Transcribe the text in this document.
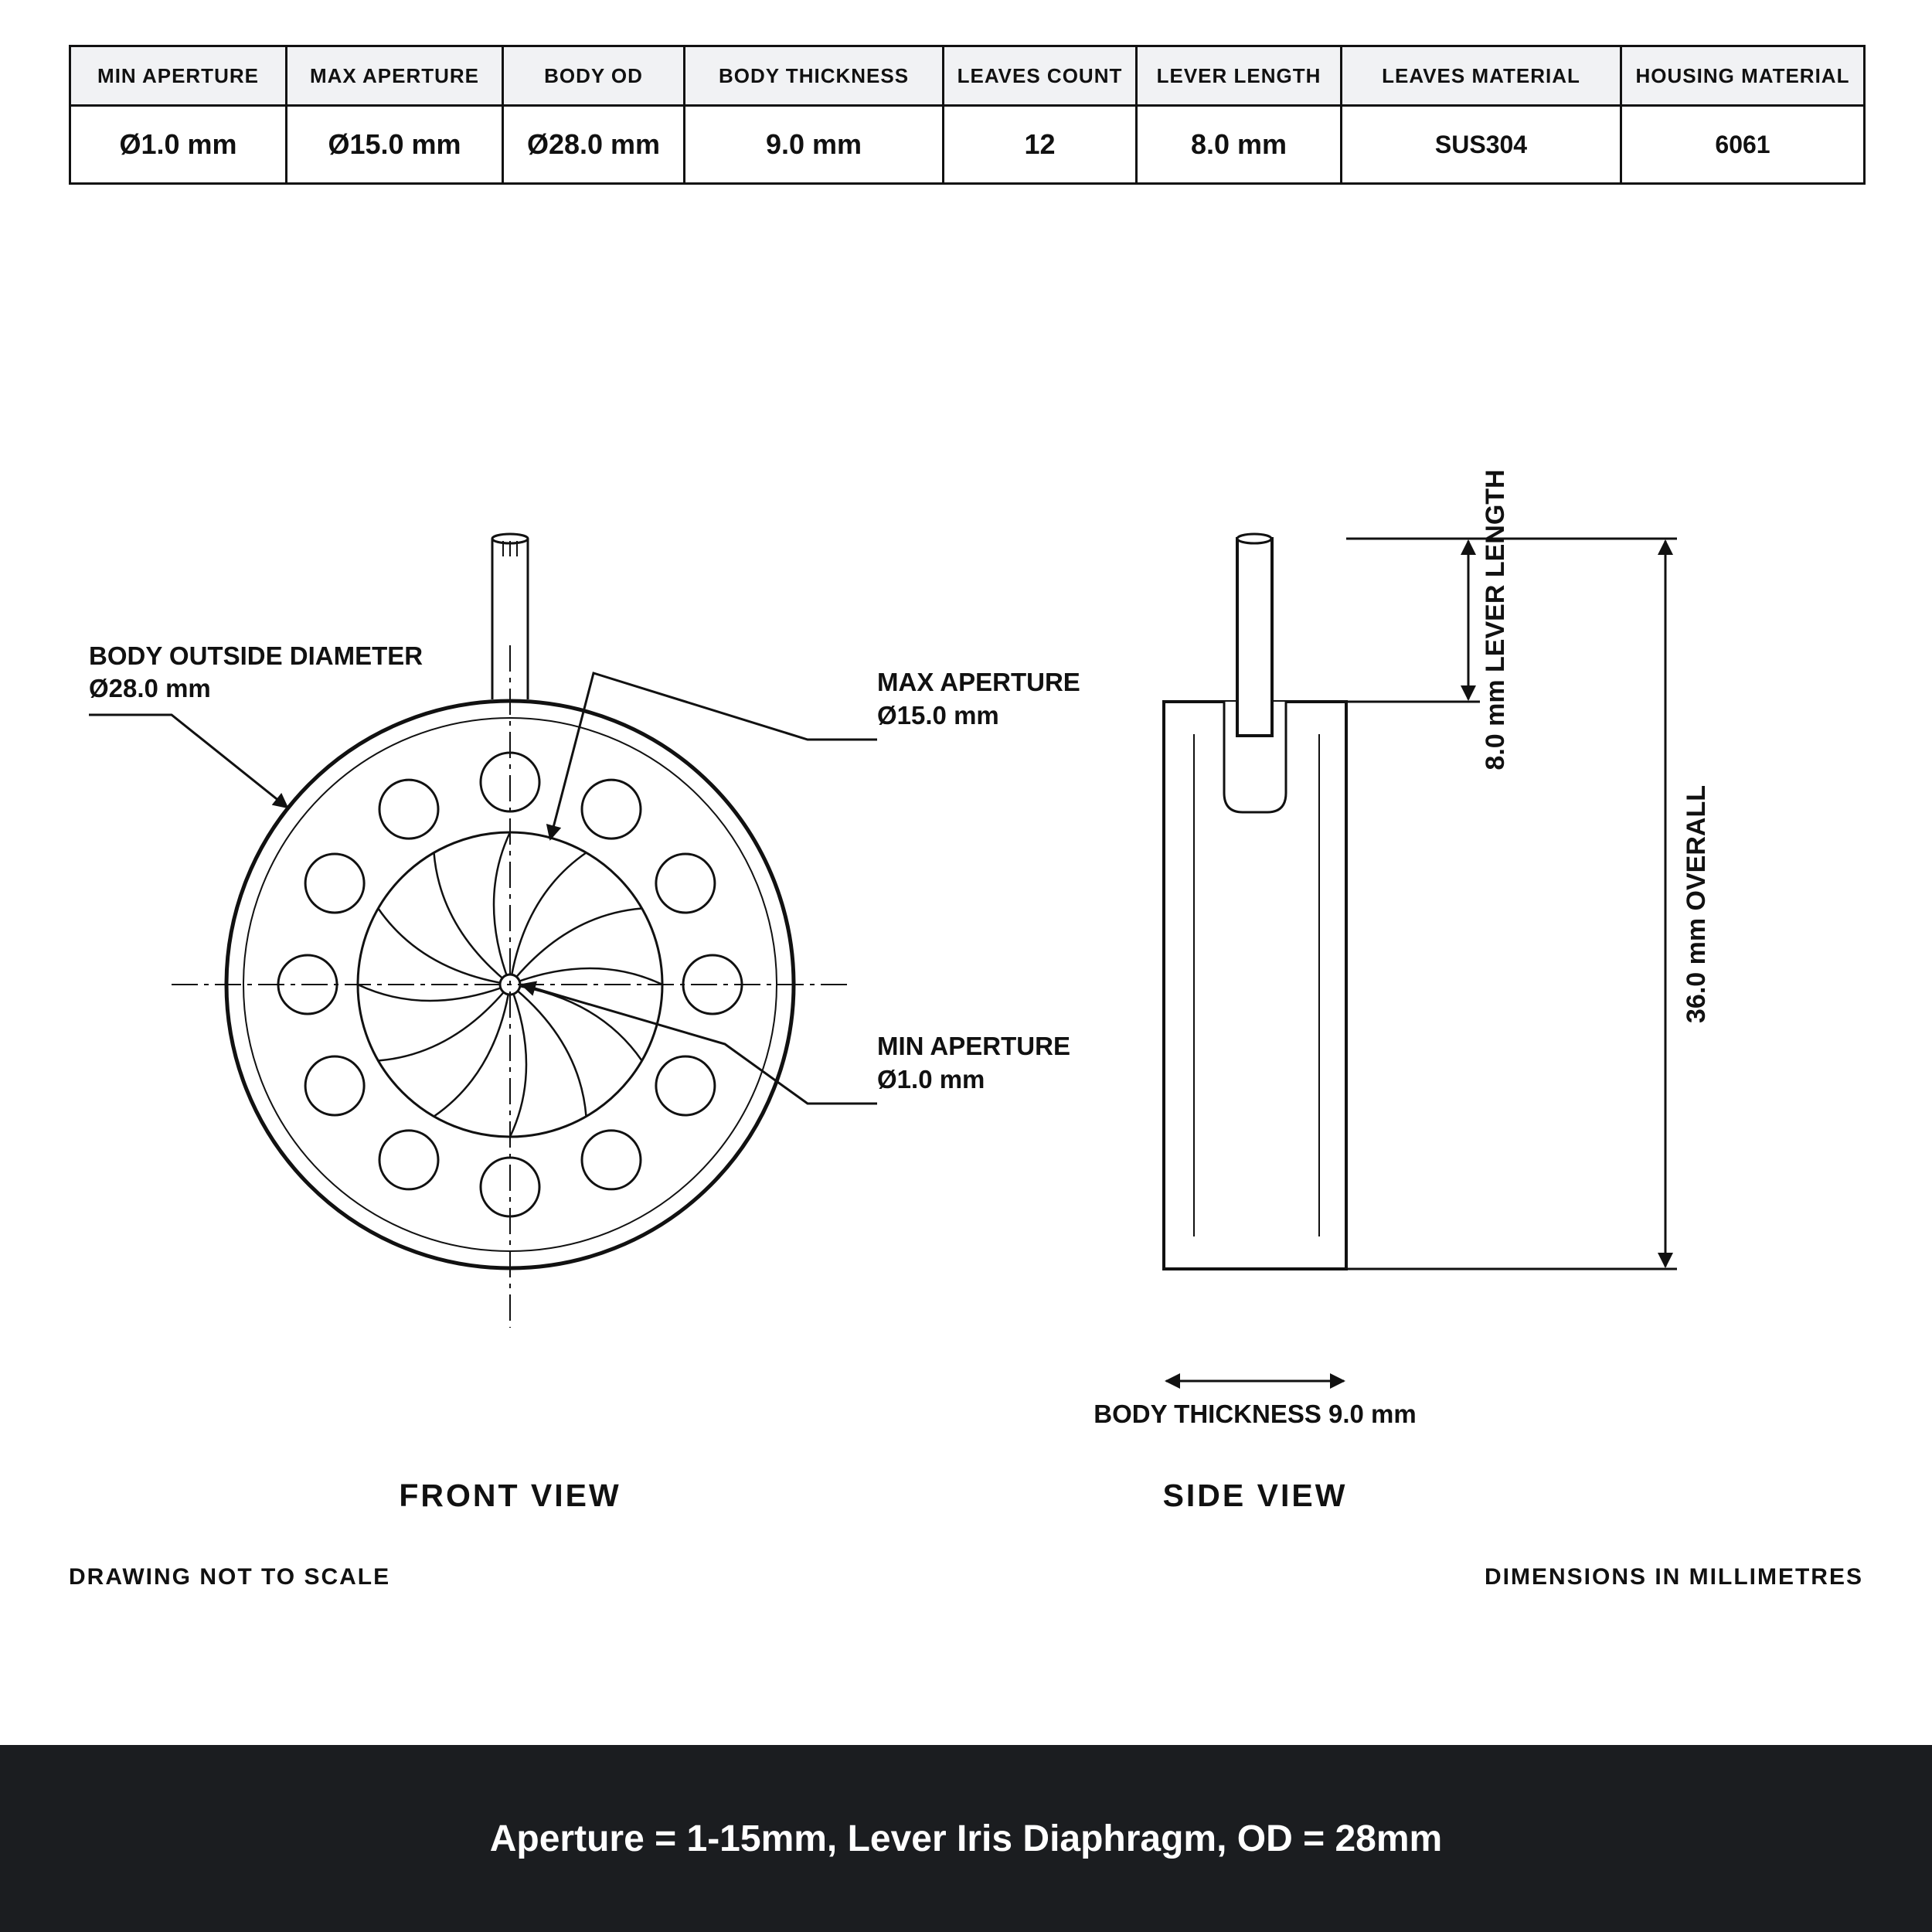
MIN APERTURE	MAX APERTURE	BODY OD	BODY THICKNESS	LEAVES COUNT	LEVER LENGTH	LEAVES MATERIAL	HOUSING MATERIAL
Ø1.0 mm	Ø15.0 mm	Ø28.0 mm	9.0 mm	12	8.0 mm	SUS304	6061
BODY OUTSIDE DIAMETER
Ø28.0 mm	MAX APERTURE
Ø15.0 mm
MIN APERTURE
Ø1.0 mm
FRONT VIEW
8.0 mm LEVER LENGTH
36.0 mm OVERALL
BODY THICKNESS 9.0 mm
SIDE VIEW
DRAWING NOT TO SCALE	DIMENSIONS IN MILLIMETRES
Aperture = 1-15mm, Lever Iris Diaphragm, OD = 28mm
